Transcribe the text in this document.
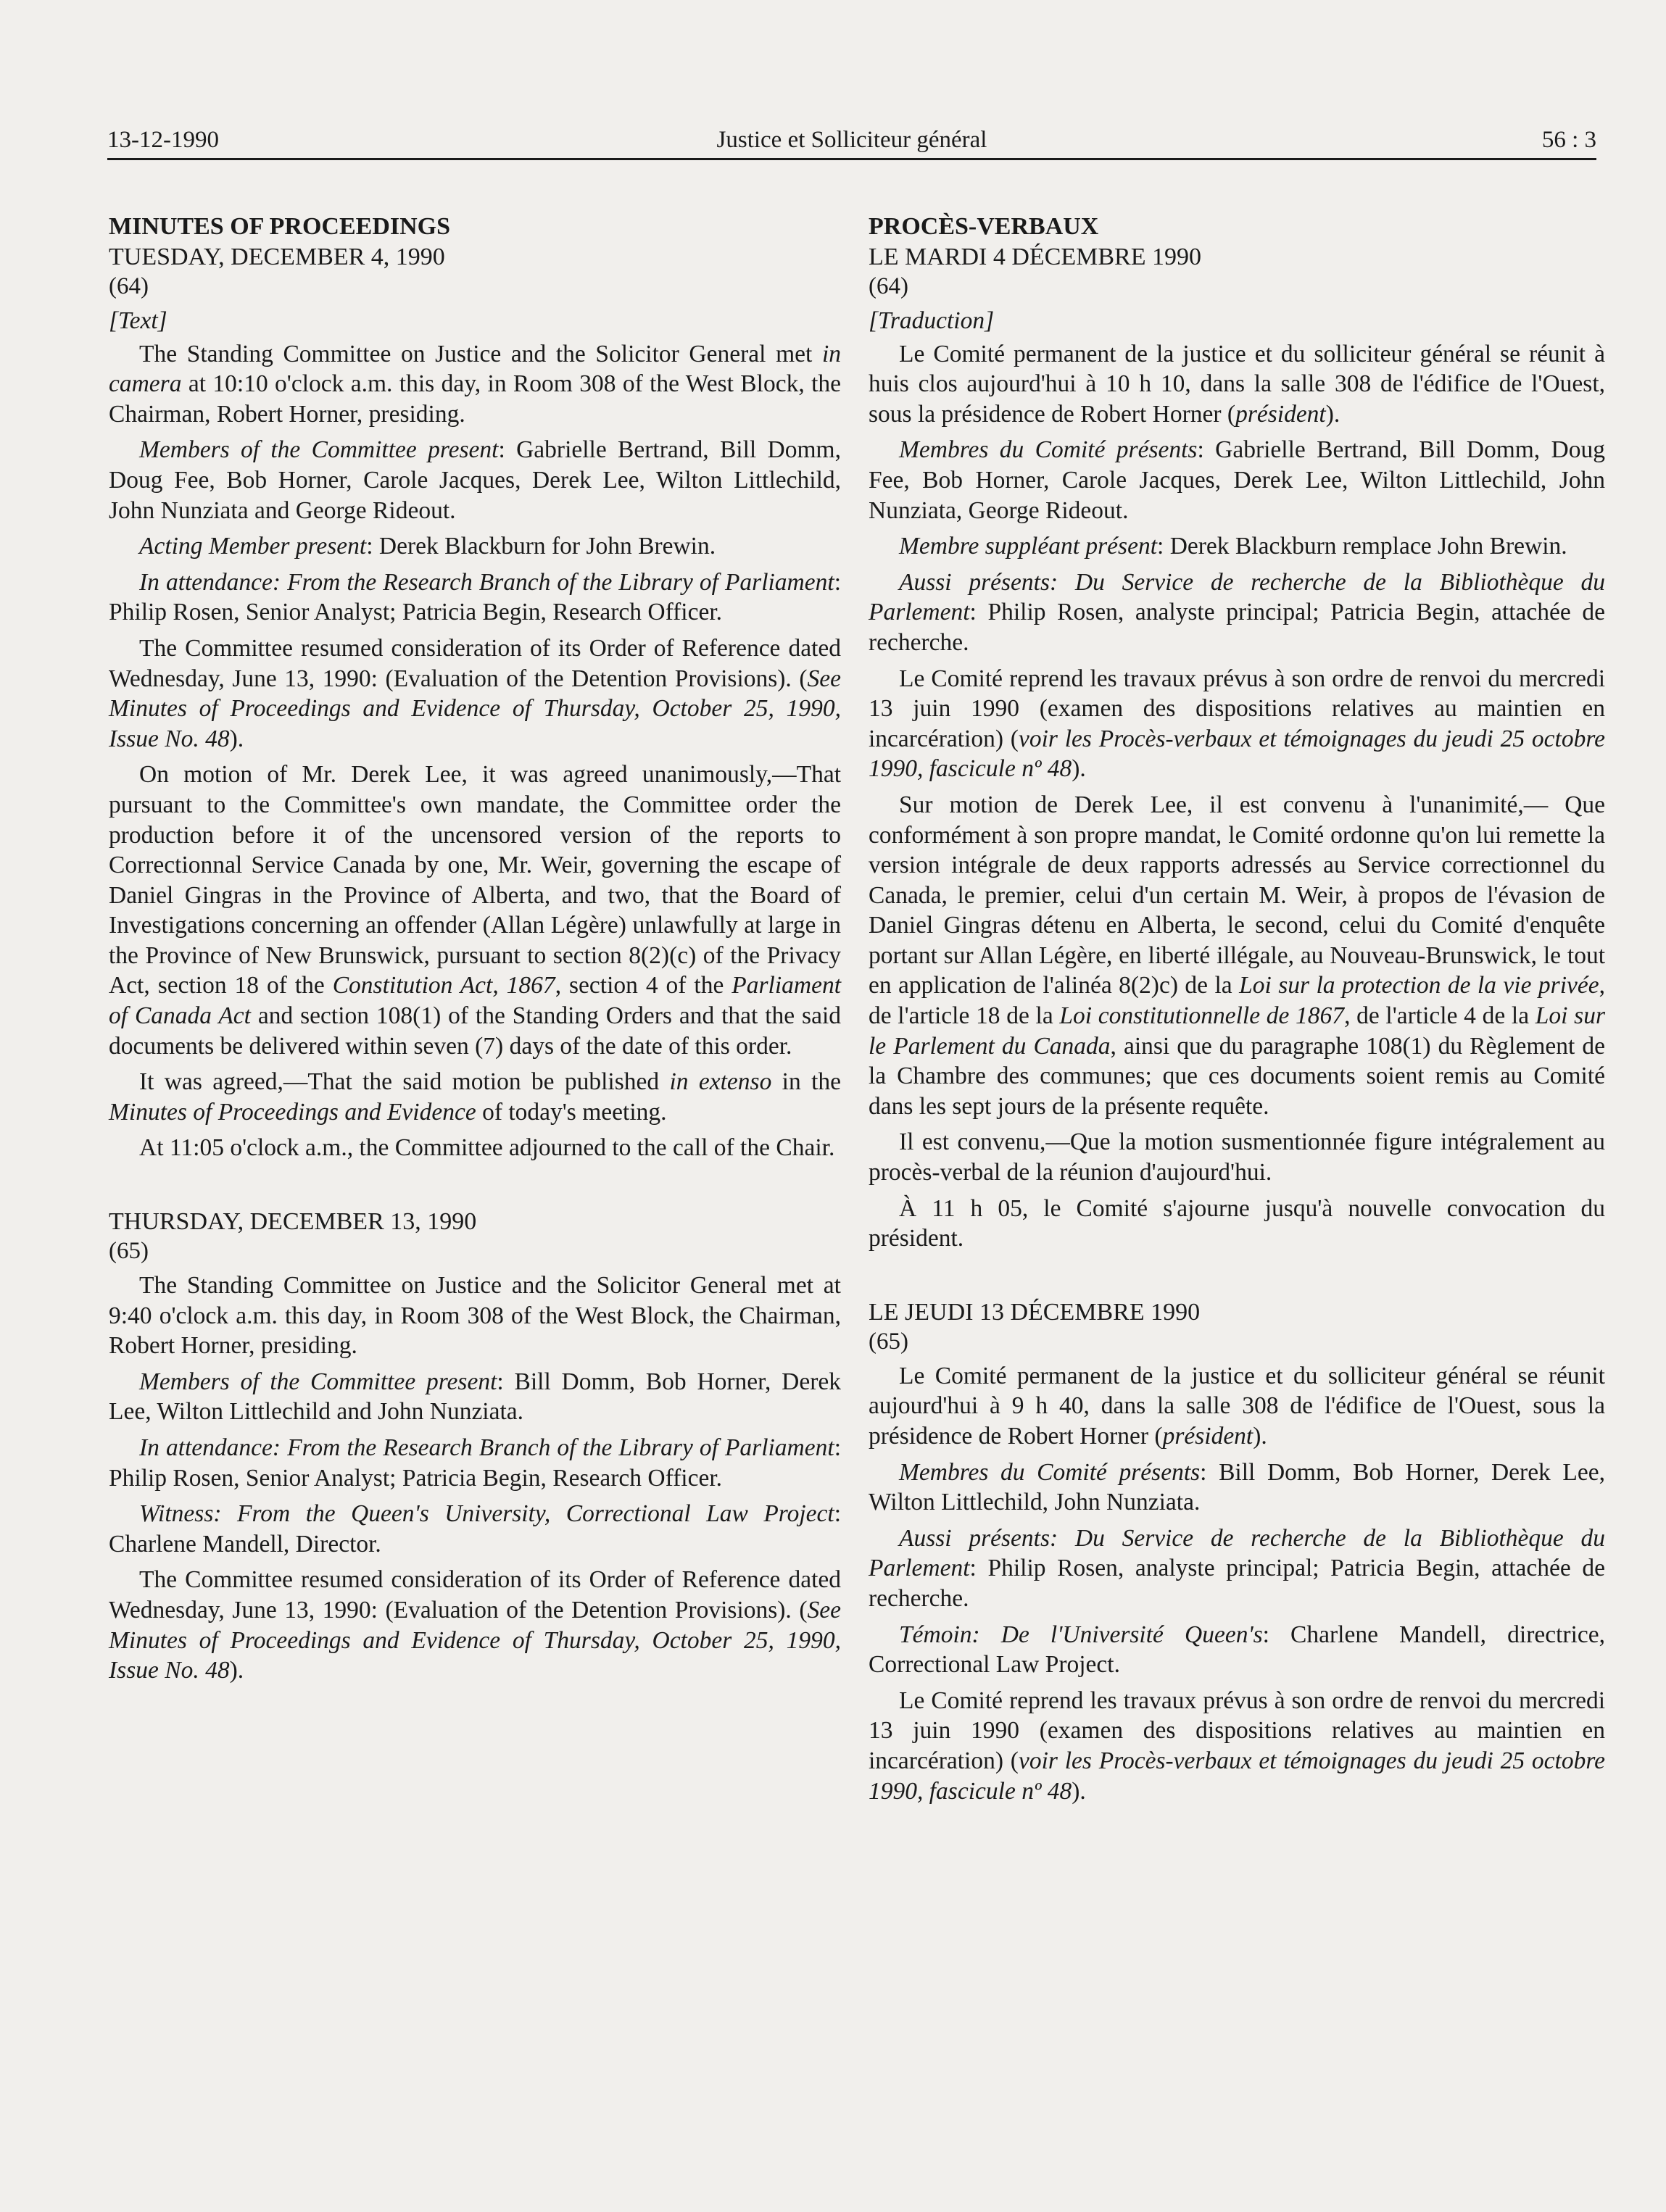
13-12-1990	Justice et Solliciteur général	56 : 3
MINUTES OF PROCEEDINGS
TUESDAY, DECEMBER 4, 1990
(64)
[Text]

The Standing Committee on Justice and the Solicitor General met in camera at 10:10 o'clock a.m. this day, in Room 308 of the West Block, the Chairman, Robert Horner, presiding.

Members of the Committee present: Gabrielle Bertrand, Bill Domm, Doug Fee, Bob Horner, Carole Jacques, Derek Lee, Wilton Littlechild, John Nunziata and George Rideout.

Acting Member present: Derek Blackburn for John Brewin.

In attendance: From the Research Branch of the Library of Parliament: Philip Rosen, Senior Analyst; Patricia Begin, Research Officer.

The Committee resumed consideration of its Order of Reference dated Wednesday, June 13, 1990: (Evaluation of the Detention Provisions). (See Minutes of Proceedings and Evidence of Thursday, October 25, 1990, Issue No. 48).

On motion of Mr. Derek Lee, it was agreed unanimously,—That pursuant to the Committee's own mandate, the Committee order the production before it of the uncensored version of the reports to Correctionnal Service Canada by one, Mr. Weir, governing the escape of Daniel Gingras in the Province of Alberta, and two, that the Board of Investigations concerning an offender (Allan Légère) unlawfully at large in the Province of New Brunswick, pursuant to section 8(2)(c) of the Privacy Act, section 18 of the Constitution Act, 1867, section 4 of the Parliament of Canada Act and section 108(1) of the Standing Orders and that the said documents be delivered within seven (7) days of the date of this order.

It was agreed,—That the said motion be published in extenso in the Minutes of Proceedings and Evidence of today's meeting.

At 11:05 o'clock a.m., the Committee adjourned to the call of the Chair.

THURSDAY, DECEMBER 13, 1990
(65)

The Standing Committee on Justice and the Solicitor General met at 9:40 o'clock a.m. this day, in Room 308 of the West Block, the Chairman, Robert Horner, presiding.

Members of the Committee present: Bill Domm, Bob Horner, Derek Lee, Wilton Littlechild and John Nunziata.

In attendance: From the Research Branch of the Library of Parliament: Philip Rosen, Senior Analyst; Patricia Begin, Research Officer.

Witness: From the Queen's University, Correctional Law Project: Charlene Mandell, Director.

The Committee resumed consideration of its Order of Reference dated Wednesday, June 13, 1990: (Evaluation of the Detention Provisions). (See Minutes of Proceedings and Evidence of Thursday, October 25, 1990, Issue No. 48).

PROCÈS-VERBAUX
LE MARDI 4 DÉCEMBRE 1990
(64)
[Traduction]

Le Comité permanent de la justice et du solliciteur général se réunit à huis clos aujourd'hui à 10 h 10, dans la salle 308 de l'édifice de l'Ouest, sous la présidence de Robert Horner (président).

Membres du Comité présents: Gabrielle Bertrand, Bill Domm, Doug Fee, Bob Horner, Carole Jacques, Derek Lee, Wilton Littlechild, John Nunziata, George Rideout.

Membre suppléant présent: Derek Blackburn remplace John Brewin.

Aussi présents: Du Service de recherche de la Bibliothèque du Parlement: Philip Rosen, analyste principal; Patricia Begin, attachée de recherche.

Le Comité reprend les travaux prévus à son ordre de renvoi du mercredi 13 juin 1990 (examen des dispositions relatives au maintien en incarcération) (voir les Procès-verbaux et témoignages du jeudi 25 octobre 1990, fascicule nº 48).

Sur motion de Derek Lee, il est convenu à l'unanimité,— Que conformément à son propre mandat, le Comité ordonne qu'on lui remette la version intégrale de deux rapports adressés au Service correctionnel du Canada, le premier, celui d'un certain M. Weir, à propos de l'évasion de Daniel Gingras détenu en Alberta, le second, celui du Comité d'enquête portant sur Allan Légère, en liberté illégale, au Nouveau-Brunswick, le tout en application de l'alinéa 8(2)c) de la Loi sur la protection de la vie privée, de l'article 18 de la Loi constitutionnelle de 1867, de l'article 4 de la Loi sur le Parlement du Canada, ainsi que du paragraphe 108(1) du Règlement de la Chambre des communes; que ces documents soient remis au Comité dans les sept jours de la présente requête.

Il est convenu,—Que la motion susmentionnée figure intégralement au procès-verbal de la réunion d'aujourd'hui.

À 11 h 05, le Comité s'ajourne jusqu'à nouvelle convocation du président.

LE JEUDI 13 DÉCEMBRE 1990
(65)

Le Comité permanent de la justice et du solliciteur général se réunit aujourd'hui à 9 h 40, dans la salle 308 de l'édifice de l'Ouest, sous la présidence de Robert Horner (président).

Membres du Comité présents: Bill Domm, Bob Horner, Derek Lee, Wilton Littlechild, John Nunziata.

Aussi présents: Du Service de recherche de la Bibliothèque du Parlement: Philip Rosen, analyste principal; Patricia Begin, attachée de recherche.

Témoin: De l'Université Queen's: Charlene Mandell, directrice, Correctional Law Project.

Le Comité reprend les travaux prévus à son ordre de renvoi du mercredi 13 juin 1990 (examen des dispositions relatives au maintien en incarcération) (voir les Procès-verbaux et témoignages du jeudi 25 octobre 1990, fascicule nº 48).
